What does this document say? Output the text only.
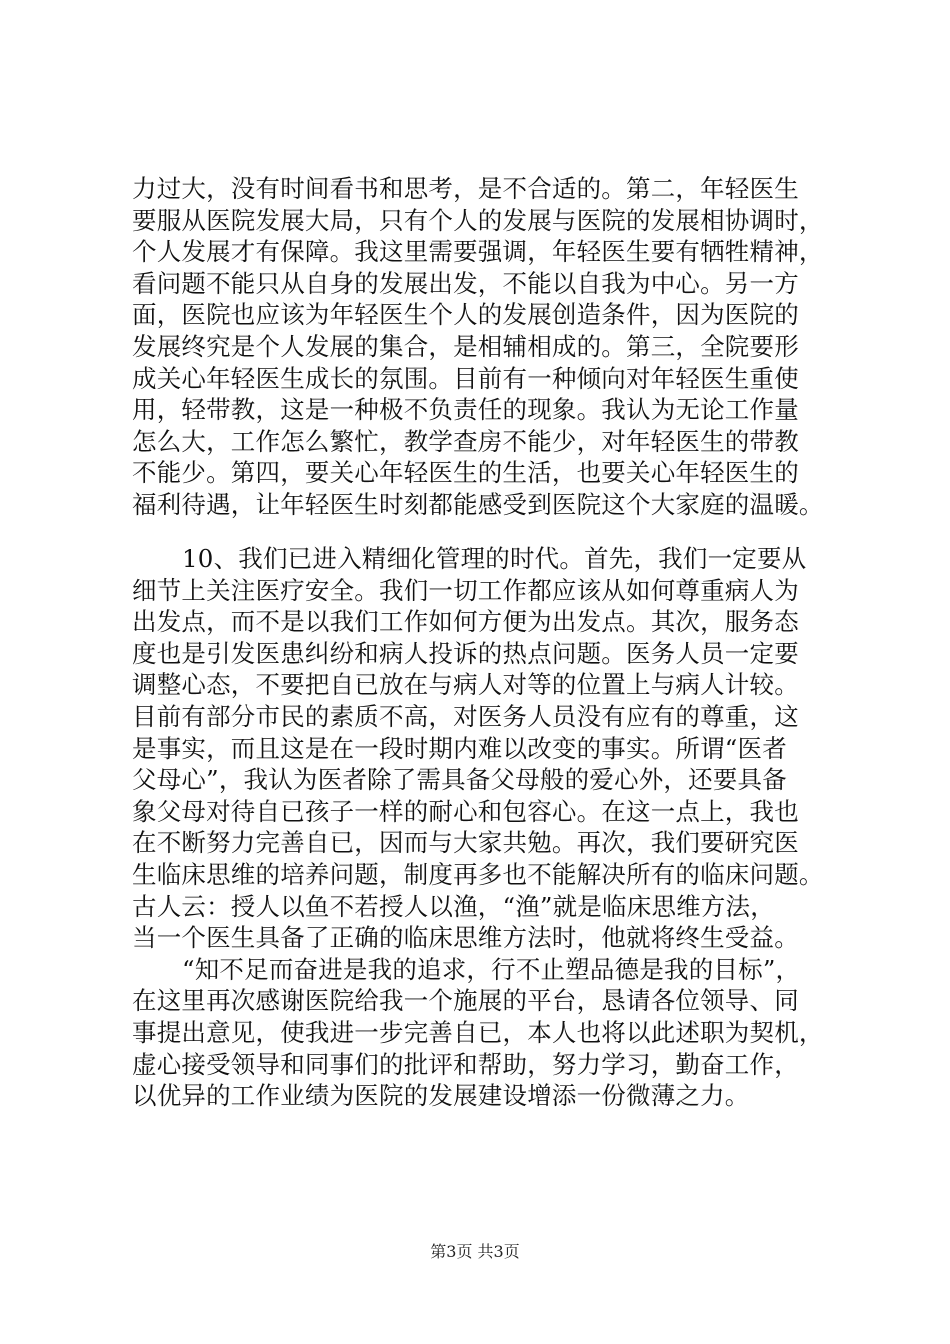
力过大，没有时间看书和思考，是不合适的。第二，年轻医生
要服从医院发展大局，只有个人的发展与医院的发展相协调时，
个人发展才有保障。我这里需要强调，年轻医生要有牺牲精神，
看问题不能只从自身的发展出发，不能以自我为中心。另一方
面，医院也应该为年轻医生个人的发展创造条件，因为医院的
发展终究是个人发展的集合，是相辅相成的。第三，全院要形
成关心年轻医生成长的氛围。目前有一种倾向对年轻医生重使
用，轻带教，这是一种极不负责任的现象。我认为无论工作量
怎么大，工作怎么繁忙，教学查房不能少，对年轻医生的带教
不能少。第四，要关心年轻医生的生活，也要关心年轻医生的
福利待遇，让年轻医生时刻都能感受到医院这个大家庭的温暖。
10、我们已进入精细化管理的时代。首先，我们一定要从
细节上关注医疗安全。我们一切工作都应该从如何尊重病人为
出发点，而不是以我们工作如何方便为出发点。其次，服务态
度也是引发医患纠纷和病人投诉的热点问题。医务人员一定要
调整心态，不要把自已放在与病人对等的位置上与病人计较。
目前有部分市民的素质不高，对医务人员没有应有的尊重，这
是事实，而且这是在一段时期内难以改变的事实。所谓“医者
父母心”，我认为医者除了需具备父母般的爱心外，还要具备
象父母对待自已孩子一样的耐心和包容心。在这一点上，我也
在不断努力完善自已，因而与大家共勉。再次，我们要研究医
生临床思维的培养问题，制度再多也不能解决所有的临床问题。
古人云：授人以鱼不若授人以渔，“渔”就是临床思维方法，
当一个医生具备了正确的临床思维方法时，他就将终生受益。
“知不足而奋进是我的追求，行不止塑品德是我的目标”，
在这里再次感谢医院给我一个施展的平台，恳请各位领导、同
事提出意见，使我进一步完善自已，本人也将以此述职为契机，
虚心接受领导和同事们的批评和帮助，努力学习，勤奋工作，
以优异的工作业绩为医院的发展建设增添一份微薄之力。
第3页 共3页
